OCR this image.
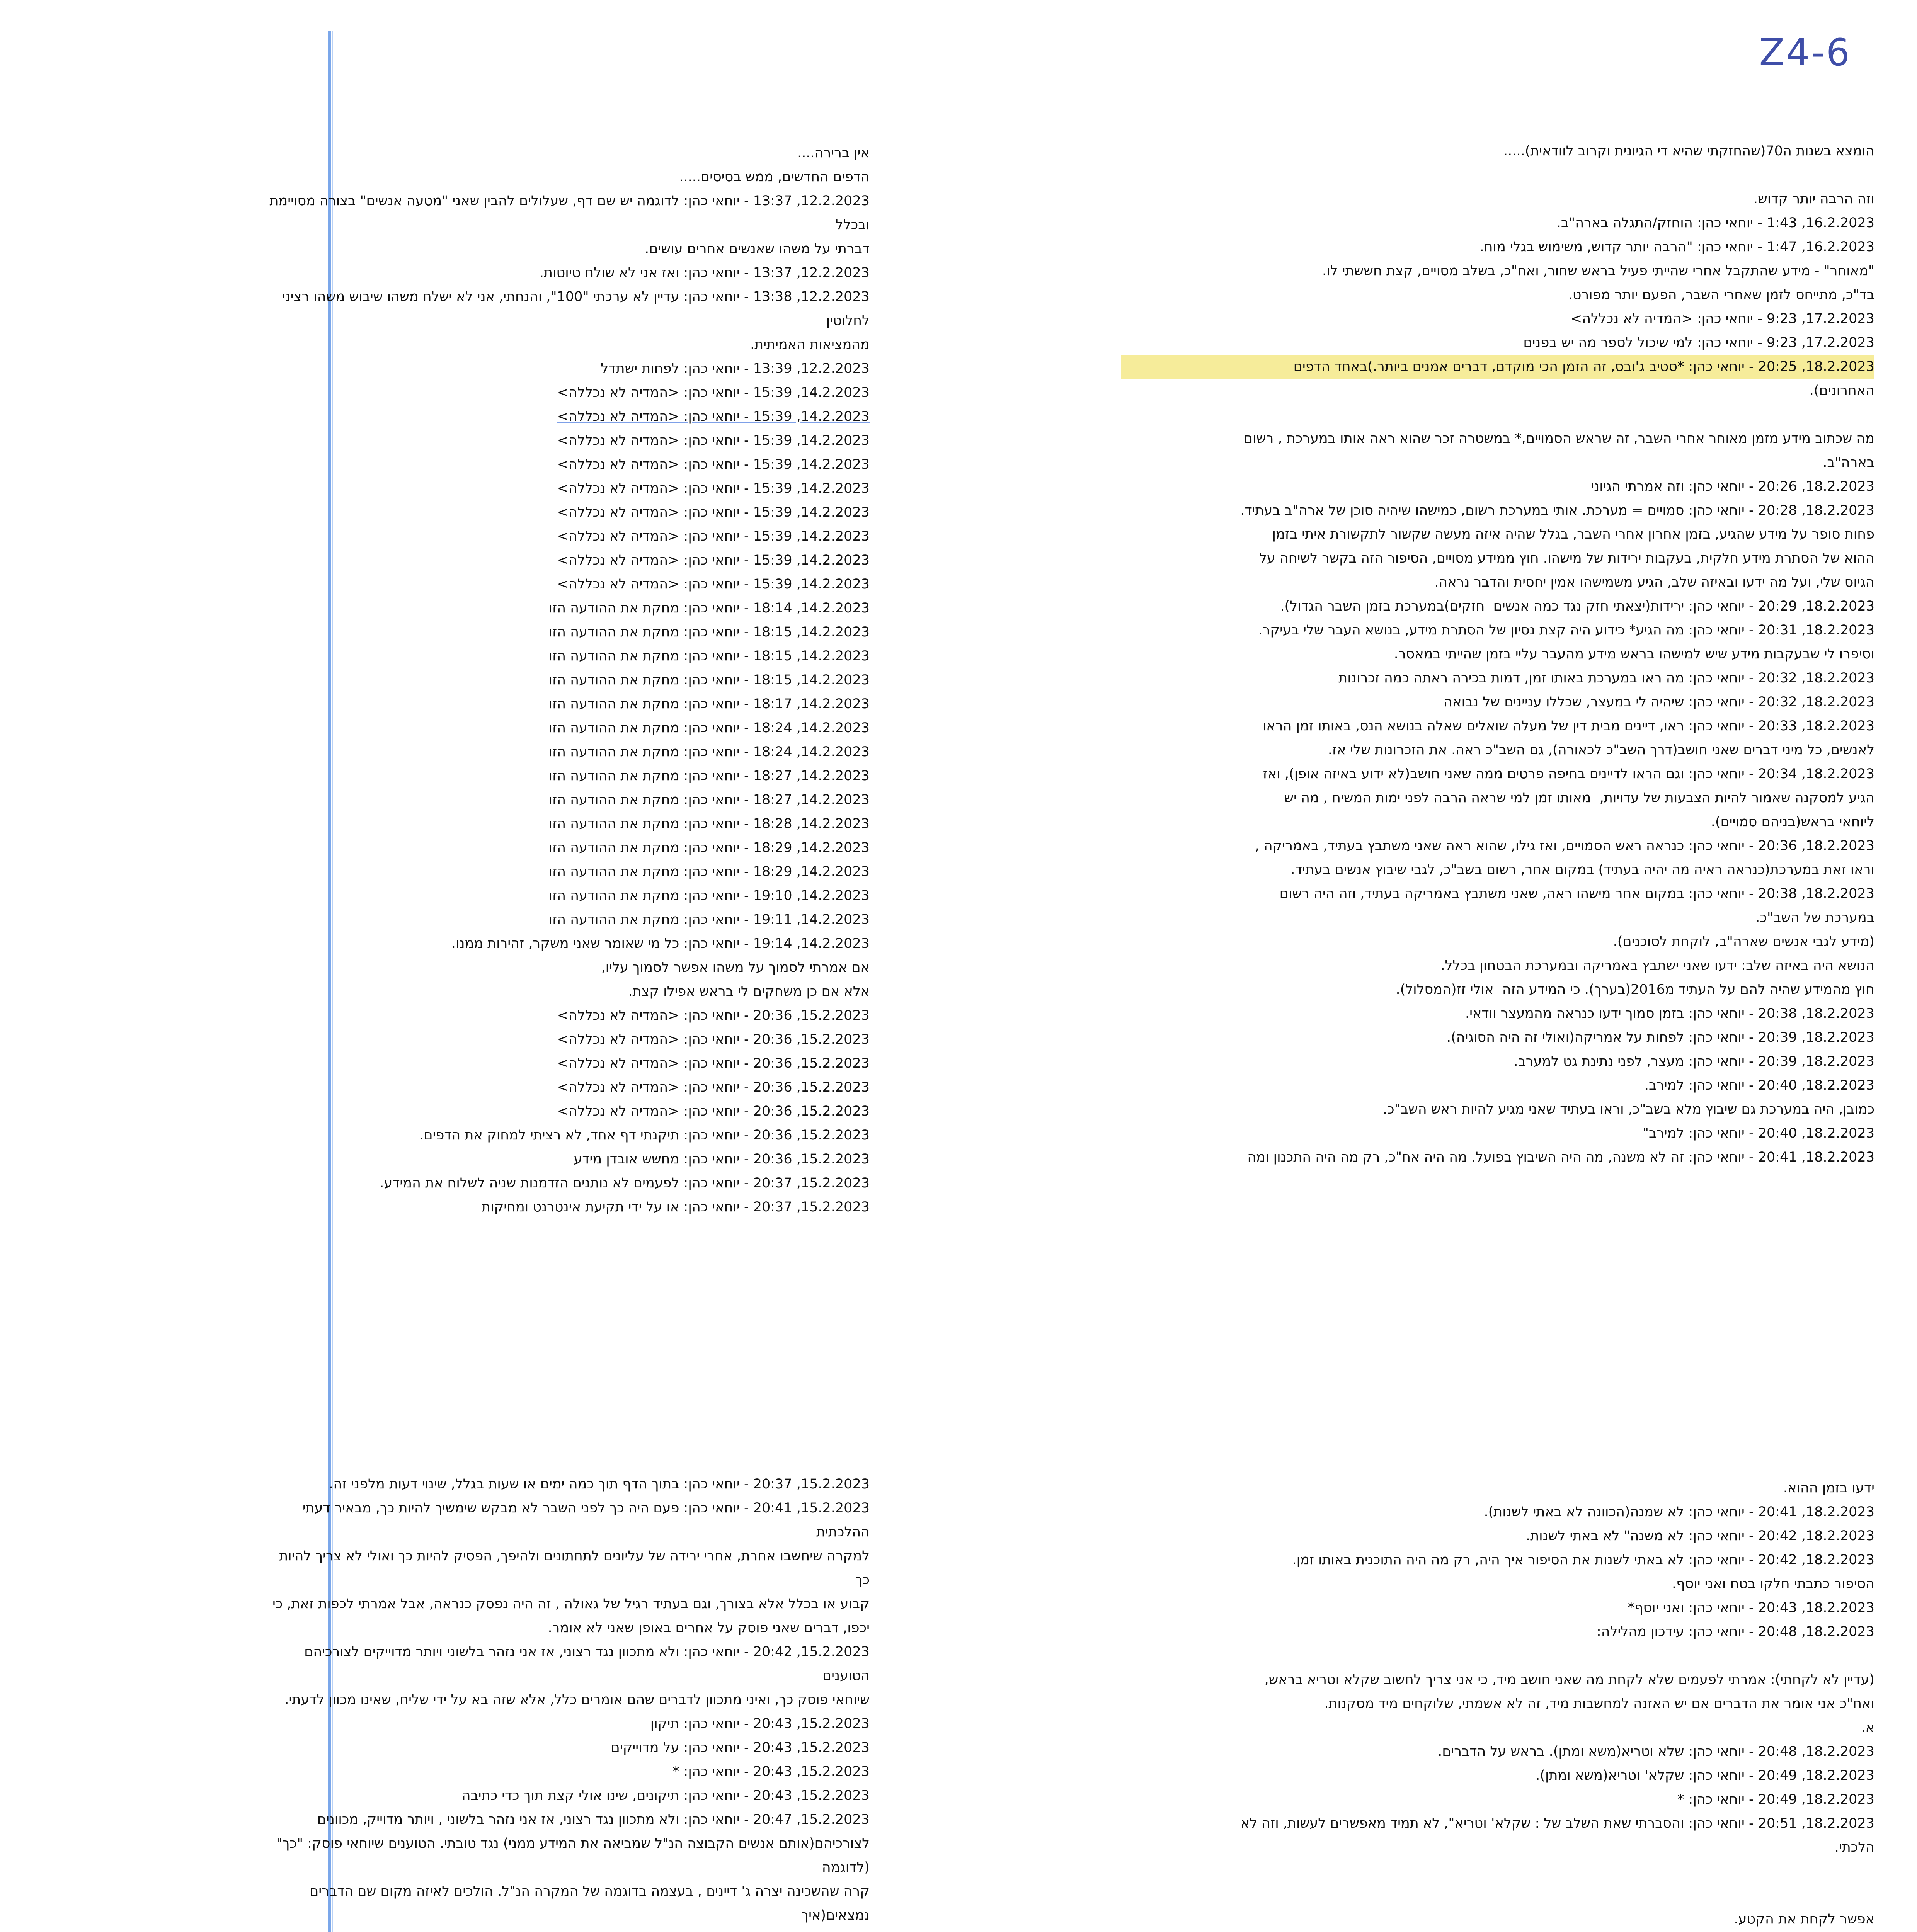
Z4-6
הומצא בשנות ה70(שהחזקתי שהיא די הגיונית וקרוב לוודאית).....
וזה הרבה יותר קדוש.
16.2.2023, 1:43 - יוחאי כהן: הוחזק/התגלה בארה"ב.
16.2.2023, 1:47 - יוחאי כהן: "הרבה יותר קדוש, משימוש בגלי מוח.
"מאוחר" - מידע שהתקבל אחרי שהייתי פעיל בראש שחור, ואח"כ, בשלב מסויים, קצת חששתי לו.
בד"כ, מתייחס לזמן שאחרי השבר, הפעם יותר מפורט.
17.2.2023, 9:23 - יוחאי כהן: <המדיה לא נכללה>
17.2.2023, 9:23 - יוחאי כהן: למי שיכול לספר מה יש בפנים
18.2.2023, 20:25 - יוחאי כהן: *סטיב ג'ובס, זה הזמן הכי מוקדם, דברים אמנים ביותר.)באחד הדפים
האחרונים).
מה שכתוב מידע מזמן מאוחר אחרי השבר, זה שראש הסמויים,* במשטרה זכר שהוא ראה אותו במערכת , רשום
בארה"ב.
18.2.2023, 20:26 - יוחאי כהן: וזה אמרתי הגיוני
18.2.2023, 20:28 - יוחאי כהן: סמויים = מערכת. אותי במערכת רשום, כמישהו שיהיה סוכן של ארה"ב בעתיד.
פחות סופר על מידע שהגיע, בזמן אחרון אחרי השבר, בגלל שהיה איזה מעשה שקשור לתקשורת איתי בזמן
ההוא של הסתרת מידע חלקית, בעקבות ירידות של מישהו. חוץ ממידע מסויים, הסיפור הזה בקשר לשיחה על
הגיוס שלי, ועל מה ידעו ובאיזה שלב, הגיע משמישהו אמין יחסית והדבר נראה.
18.2.2023, 20:29 - יוחאי כהן: ירידות(יצאתי חזק נגד כמה אנשים  חזקים)במערכת בזמן השבר הגדול).
18.2.2023, 20:31 - יוחאי כהן: מה הגיע* כידוע היה קצת נסיון של הסתרת מידע, בנושא העבר שלי בעיקר.
וסיפרו לי שבעקבות מידע שיש למישהו בראש מידע מהעבר עליי בזמן שהייתי במאסר.
18.2.2023, 20:32 - יוחאי כהן: מה ראו במערכת באותו זמן, דמות בכירה ראתה כמה זכרונות
18.2.2023, 20:32 - יוחאי כהן: שיהיה לי במעצר, שכללו עניינים של נבואה
18.2.2023, 20:33 - יוחאי כהן: ראו, דיינים מבית דין של מעלה שואלים שאלה בנושא הנס, באותו זמן הראו
לאנשים, כל מיני דברים שאני חושב(דרך השב"כ לכאורה), גם השב"כ ראה. את הזכרונות שלי אז.
18.2.2023, 20:34 - יוחאי כהן: וגם הראו לדיינים בחיפה פרטים ממה שאני חושב(לא ידוע באיזה אופן), ואז
הגיע למסקנה שאמור להיות הצבעות של עדויות,  מאותו זמן למי שראה הרבה לפני ימות המשיח , מה יש
ליוחאי בראש(בניהם סמויים).
18.2.2023, 20:36 - יוחאי כהן: כנראה ראש הסמויים, ואז גילו, שהוא ראה שאני משתבץ בעתיד, באמריקה ,
וראו זאת במערכת(כנראה ראיה מה יהיה בעתיד) במקום אחר, רשום בשב"כ, לגבי שיבוץ אנשים בעתיד.
18.2.2023, 20:38 - יוחאי כהן: במקום אחר מישהו ראה, שאני משתבץ באמריקה בעתיד, וזה היה רשום
במערכת של השב"כ.
(מידע לגבי אנשים שארה"ב, לוקחת לסוכנים).
הנושא היה באיזה שלב: ידעו שאני ישתבץ באמריקה ובמערכת הבטחון בכלל.
חוץ מהמידע שהיה להם על העתיד מ2016(בערך). כי המידע הזה  אולי זז(המסלול).
18.2.2023, 20:38 - יוחאי כהן: בזמן סמוך ידעו כנראה מהמעצר וודאי.
18.2.2023, 20:39 - יוחאי כהן: לפחות על אמריקה(ואולי זה היה הסוגיה).
18.2.2023, 20:39 - יוחאי כהן: מעצר, לפני נתינת גט למערב.
18.2.2023, 20:40 - יוחאי כהן: למירב.
כמובן, היה במערכת גם שיבוץ מלא בשב"כ, וראו בעתיד שאני מגיע להיות ראש השב"כ.
18.2.2023, 20:40 - יוחאי כהן: למירב"
18.2.2023, 20:41 - יוחאי כהן: זה לא משנה, מה היה השיבוץ בפועל. מה היה אח"כ, רק מה היה התכנון ומה
אין ברירה....
הדפים החדשים, ממש בסיסים.....
12.2.2023, 13:37 - יוחאי כהן: לדוגמה יש שם דף, שעלולים להבין שאני "מטעה אנשים" בצורה מסויימת ובכלל
דברתי על משהו שאנשים אחרים עושים.
12.2.2023, 13:37 - יוחאי כהן: ואז אני לא שולח טיוטות.
12.2.2023, 13:38 - יוחאי כהן: עדיין לא ערכתי "100", והנחתי, אני לא ישלח משהו שיבוש משהו רציני לחלוטין
מהמציאות האמיתית.
12.2.2023, 13:39 - יוחאי כהן: לפחות ישתדל
14.2.2023, 15:39 - יוחאי כהן: <המדיה לא נכללה>
14.2.2023, 15:39 - יוחאי כהן: <המדיה לא נכללה>
14.2.2023, 15:39 - יוחאי כהן: <המדיה לא נכללה>
14.2.2023, 15:39 - יוחאי כהן: <המדיה לא נכללה>
14.2.2023, 15:39 - יוחאי כהן: <המדיה לא נכללה>
14.2.2023, 15:39 - יוחאי כהן: <המדיה לא נכללה>
14.2.2023, 15:39 - יוחאי כהן: <המדיה לא נכללה>
14.2.2023, 15:39 - יוחאי כהן: <המדיה לא נכללה>
14.2.2023, 15:39 - יוחאי כהן: <המדיה לא נכללה>
14.2.2023, 18:14 - יוחאי כהן: מחקת את ההודעה הזו
14.2.2023, 18:15 - יוחאי כהן: מחקת את ההודעה הזו
14.2.2023, 18:15 - יוחאי כהן: מחקת את ההודעה הזו
14.2.2023, 18:15 - יוחאי כהן: מחקת את ההודעה הזו
14.2.2023, 18:17 - יוחאי כהן: מחקת את ההודעה הזו
14.2.2023, 18:24 - יוחאי כהן: מחקת את ההודעה הזו
14.2.2023, 18:24 - יוחאי כהן: מחקת את ההודעה הזו
14.2.2023, 18:27 - יוחאי כהן: מחקת את ההודעה הזו
14.2.2023, 18:27 - יוחאי כהן: מחקת את ההודעה הזו
14.2.2023, 18:28 - יוחאי כהן: מחקת את ההודעה הזו
14.2.2023, 18:29 - יוחאי כהן: מחקת את ההודעה הזו
14.2.2023, 18:29 - יוחאי כהן: מחקת את ההודעה הזו
14.2.2023, 19:10 - יוחאי כהן: מחקת את ההודעה הזו
14.2.2023, 19:11 - יוחאי כהן: מחקת את ההודעה הזו
14.2.2023, 19:14 - יוחאי כהן: כל מי שאומר שאני משקר, זהירות ממנו.
אם אמרתי לסמוך על משהו אפשר לסמוך עליו,
אלא אם כן משחקים לי בראש אפילו קצת.
15.2.2023, 20:36 - יוחאי כהן: <המדיה לא נכללה>
15.2.2023, 20:36 - יוחאי כהן: <המדיה לא נכללה>
15.2.2023, 20:36 - יוחאי כהן: <המדיה לא נכללה>
15.2.2023, 20:36 - יוחאי כהן: <המדיה לא נכללה>
15.2.2023, 20:36 - יוחאי כהן: <המדיה לא נכללה>
15.2.2023, 20:36 - יוחאי כהן: תיקנתי דף אחד, לא רציתי למחוק את הדפים.
15.2.2023, 20:36 - יוחאי כהן: מחשש אובדן מידע
15.2.2023, 20:37 - יוחאי כהן: לפעמים לא נותנים הזדמנות שניה לשלוח את המידע.
15.2.2023, 20:37 - יוחאי כהן: או על ידי תקיעת אינטרנט ומחיקות
ידעו בזמן ההוא.
18.2.2023, 20:41 - יוחאי כהן: לא שמנה(הכוונה לא באתי לשנות).
18.2.2023, 20:42 - יוחאי כהן: לא משנה" לא באתי לשנות.
18.2.2023, 20:42 - יוחאי כהן: לא באתי לשנות את הסיפור איך היה, רק מה היה התוכנית באותו זמן.
הסיפור כתבתי חלקו בטח ואני יוסף.
18.2.2023, 20:43 - יוחאי כהן: ואני יוסף*
18.2.2023, 20:48 - יוחאי כהן: עידכון מהלילה:
(עדיין לא לקחתי): אמרתי לפעמים שלא לקחת מה שאני חושב מיד, כי אני צריך לחשוב שקלא וטריא בראש,
ואח"כ אני אומר את הדברים אם יש האזנה למחשבות מיד, זה לא אשמתי, שלוקחים מיד מסקנות.
א.
18.2.2023, 20:48 - יוחאי כהן: שלא וטריא(משא ומתן). בראש על הדברים.
18.2.2023, 20:49 - יוחאי כהן: שקלא' וטריא(משא ומתן).
18.2.2023, 20:49 - יוחאי כהן: *
18.2.2023, 20:51 - יוחאי כהן: והסברתי שאת השלב של : שקלא' וטריא", לא תמיד מאפשרים לעשות, וזה לא
הלכתי.
אפשר לקחת את הקטע.
15.2.2023, 20:37 - יוחאי כהן: בתוך הדף תוך כמה ימים או שעות בגלל, שינוי דעות מלפני זה.
15.2.2023, 20:41 - יוחאי כהן: פעם היה כך לפני השבר לא מבקש שימשיך להיות כך, מבאיר דעתי ההלכתית
למקרה שיחשבו אחרת, אחרי ירידה של עליונים לתחתונים ולהיפך, הפסיק להיות כך ואולי לא צריך להיות כך
קבוע או בכלל אלא בצורך, וגם בעתיד רגיל של גאולה , זה היה נפסק כנראה, אבל אמרתי לכפות זאת, כי
יכפו, דברים שאני פוסק על אחרים באופן שאני לא אומר.
15.2.2023, 20:42 - יוחאי כהן: ולא מתכוון נגד רצוני, אז אני נזהר בלשוני ויותר מדוייקים לצורכיהם הטוענים
שיוחאי פוסק כך, ואיני מתכוון לדברים שהם אומרים כלל, אלא שזה בא על ידי שליח, שאינו מכוון לדעתי.
15.2.2023, 20:43 - יוחאי כהן: תיקון
15.2.2023, 20:43 - יוחאי כהן: על מדוייקים
15.2.2023, 20:43 - יוחאי כהן: *
15.2.2023, 20:43 - יוחאי כהן: תיקונים, שינו אולי קצת תוך כדי כתיבה
15.2.2023, 20:47 - יוחאי כהן: ולא מתכוון נגד רצוני, אז אני נזהר בלשוני , ויותר מדוייק, מכוונים
לצורכיהם(אותם אנשים הקבוצה הנ"ל שמביאה את המידע ממני) נגד טובתי. הטוענים שיוחאי פוסק: "כך"(לדוגמה
קרה שהשכינה יצרה ג' דיינים , בעצמה בדוגמה של המקרה הנ"ל. הולכים לאיזה מקום שם הדברים נמצאים(איך
